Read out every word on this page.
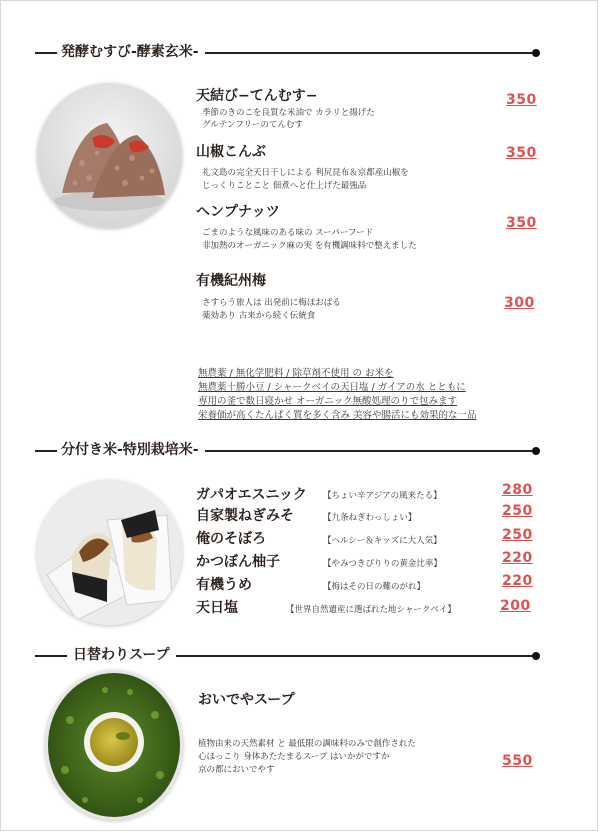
発酵むすび-酵素玄米-
天結び−てんむす−
季節のきのこを良質な米油で カラリと揚げた
グルテンフリーのてんむす
350
山椒こんぶ
礼文島の完全天日干しによる 利尻昆布＆京都産山椒を
じっくりことこと 佃煮へと仕上げた最強品
350
ヘンプナッツ
ごまのような風味のある味の スーパーフード
非加熱のオーガニック麻の実 を有機調味料で整えました
350
有機紀州梅
さすらう旅人は 出発前に梅ほおばる
薬効あり 古来から続く伝統食
300
無農薬 / 無化学肥料 / 除草剤不使用 の お米を
無農薬十勝小豆 / シャークベイの天日塩 / ガイアの水 とともに
専用の釜で数日寝かせ オーガニック無酸処理のりで包みます
栄養価が高くたんぱく質を多く含み 美容や腸活にも効果的な一品
分付き米-特別栽培米-
ガパオエスニック 【ちょい辛アジアの風来たる】	280
自家製ねぎみそ	【九条ねぎわっしょい】	250
俺のそぼろ	【ヘルシー＆キッズに大人気】	250
かつぼん柚子	【やみつきぴりりの黄金比率】	220
有機うめ	【梅はその日の難のがれ】	220
天日塩	【世界自然遺産に選ばれた地シャークベイ】	200
日替わりスープ
おいでやスープ
植物由来の天然素材 と 最低限の調味料のみで創作された
心ほっこり 身体あたたまるスープ はいかがですか
京の都においでやす
550
